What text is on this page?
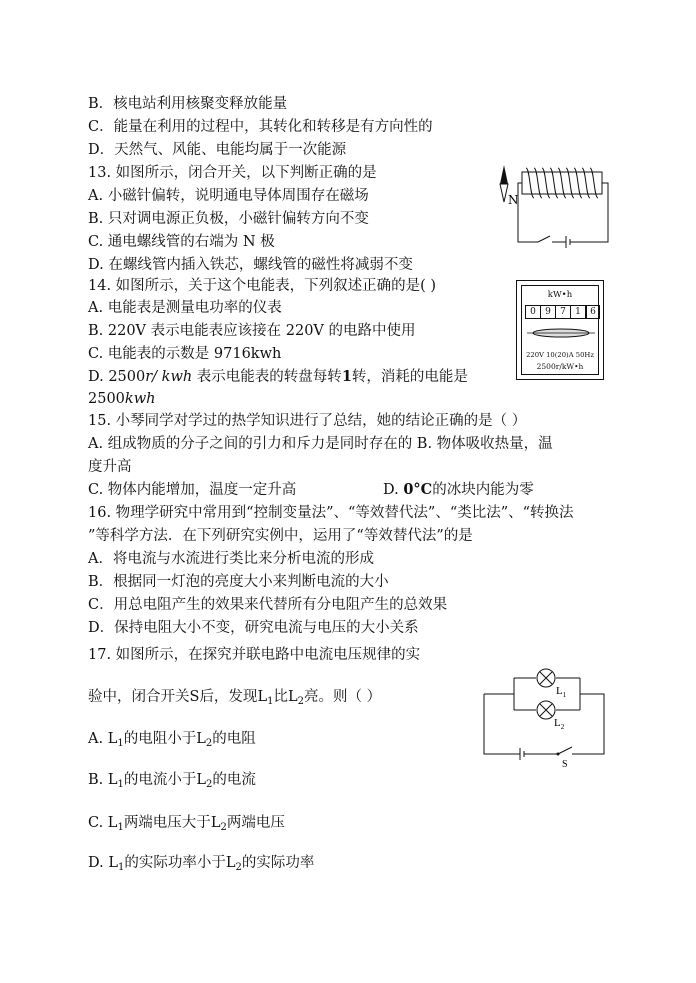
B．核电站利用核聚变释放能量
C．能量在利用的过程中，其转化和转移是有方向性的
D．天然气、风能、电能均属于一次能源
13. 如图所示，闭合开关，以下判断正确的是
A. 小磁针偏转，说明通电导体周围存在磁场
B. 只对调电源正负极，小磁针偏转方向不变
C. 通电螺线管的右端为 N 极
D. 在螺线管内插入铁芯，螺线管的磁性将减弱不变
14. 如图所示，关于这个电能表，下列叙述正确的是( )
A. 电能表是测量电功率的仪表
B. 220V 表示电能表应该接在 220V 的电路中使用
C. 电能表的示数是 9716kwh
D. 2500r/ kwh 表示电能表的转盘每转1转，消耗的电能是
2500kwh
15. 小琴同学对学过的热学知识进行了总结，她的结论正确的是（ ）
A. 组成物质的分子之间的引力和斥力是同时存在的 B. 物体吸收热量，温
度升高
C. 物体内能增加，温度一定升高	D. 0°C的冰块内能为零
16. 物理学研究中常用到“控制变量法”、“等效替代法”、“类比法”、“转换法
”等科学方法．在下列研究实例中，运用了“等效替代法”的是
A．将电流与水流进行类比来分析电流的形成
B．根据同一灯泡的亮度大小来判断电流的大小
C．用总电阻产生的效果来代替所有分电阻产生的总效果
D．保持电阻大小不变，研究电流与电压的大小关系
17. 如图所示，在探究并联电路中电流电压规律的实
验中，闭合开关S后，发现$L_1$比$L_2$亮。则（ ）
A. $L_1$的电阻小于$L_2$的电阻
B. $L_1$的电流小于$L_2$的电流
C. $L_1$两端电压大于$L_2$两端电压
D. $L_1$的实际功率小于$L_2$的实际功率
N
kW•h
0	9	7	1	6
220V 10(20)A 50Hz
2500r/kW•h
$L_1$
$L_2$
S
